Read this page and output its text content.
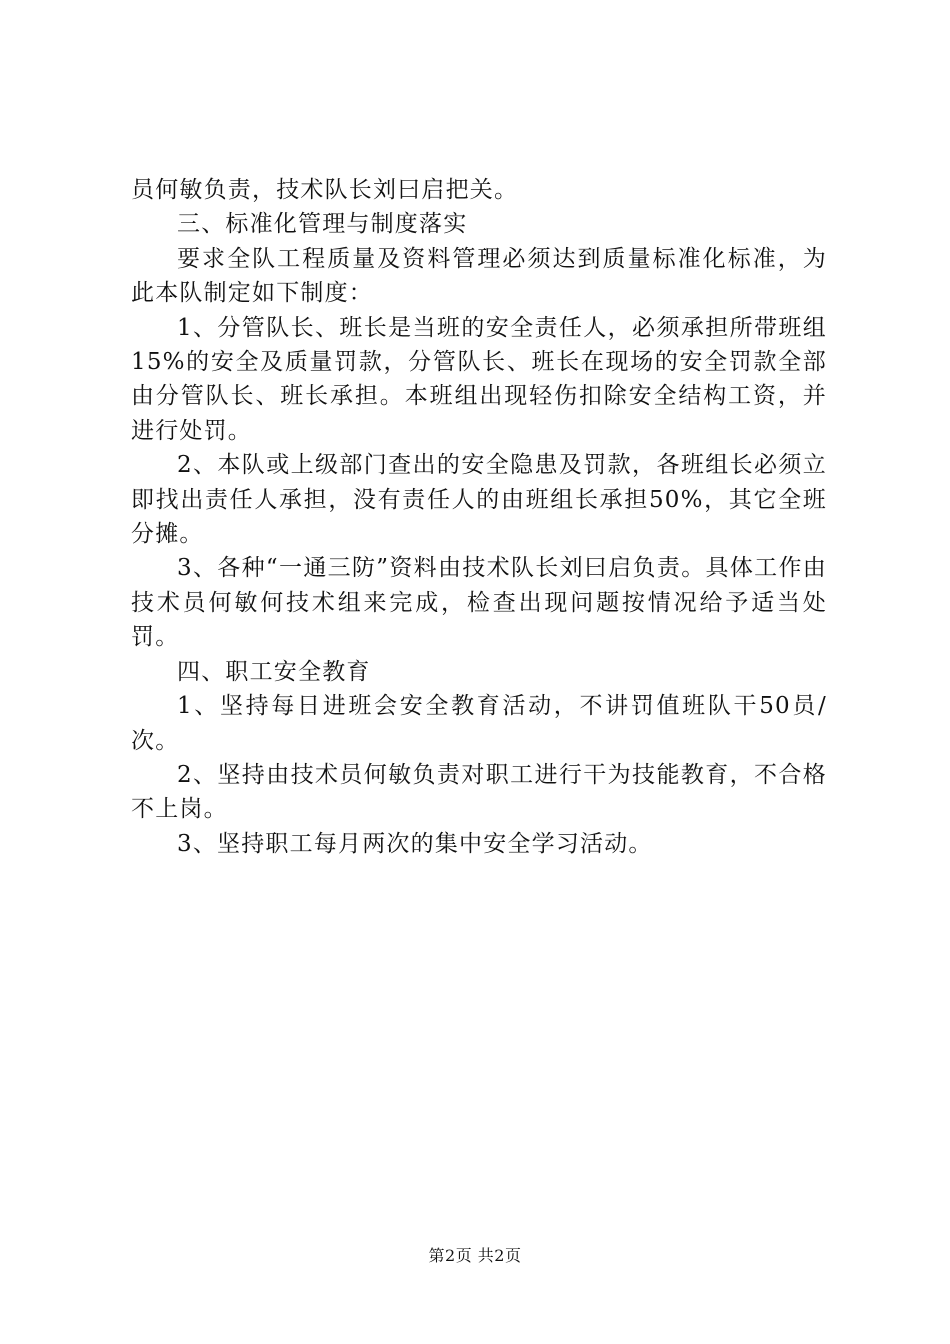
员何敏负责，技术队长刘曰启把关。

三、标准化管理与制度落实

要求全队工程质量及资料管理必须达到质量标准化标准，为此本队制定如下制度：

1、分管队长、班长是当班的安全责任人，必须承担所带班组15%的安全及质量罚款，分管队长、班长在现场的安全罚款全部由分管队长、班长承担。本班组出现轻伤扣除安全结构工资，并进行处罚。

2、本队或上级部门查出的安全隐患及罚款，各班组长必须立即找出责任人承担，没有责任人的由班组长承担50%，其它全班分摊。

3、各种“一通三防”资料由技术队长刘曰启负责。具体工作由技术员何敏何技术组来完成，检查出现问题按情况给予适当处罚。

四、职工安全教育

1、坚持每日进班会安全教育活动，不讲罚值班队干50员/次。

2、坚持由技术员何敏负责对职工进行干为技能教育，不合格不上岗。

3、坚持职工每月两次的集中安全学习活动。

第2页 共2页
